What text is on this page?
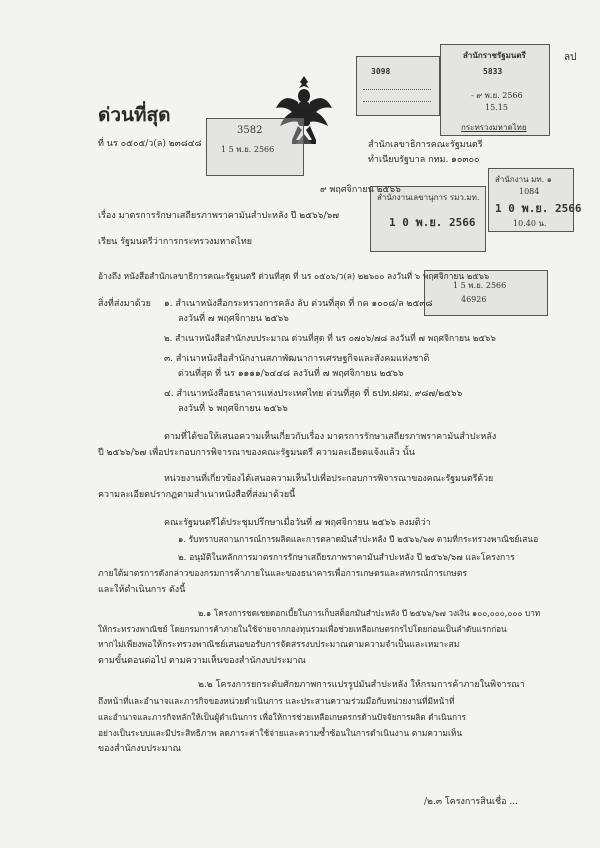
3098
สำนักราชรัฐมนตรี
5833
- ๙ พ.ย. 2566
15.15
กระทรวงมหาดไทย
ลป
3582
1 5 พ.ย. 2566
สำนักงาน มท. ๑
1084
1 0 พ.ย. 2566
10.40 น.
สำนักงานเลขานุการ รมว.มท.
1 0 พ.ย. 2566
1 5 พ.ย. 2566
46926
ด่วนที่สุด
ที่ นร ๐๕๐๕/ว(ล) ๒๓๘๔๘	สำนักเลขาธิการคณะรัฐมนตรี
ทำเนียบรัฐบาล กทม. ๑๐๓๐๐
๙ พฤศจิกายน ๒๕๖๖
เรื่อง มาตรการรักษาเสถียรภาพราคามันสำปะหลัง ปี ๒๕๖๖/๖๗
เรียน รัฐมนตรีว่าการกระทรวงมหาดไทย
อ้างถึง หนังสือสำนักเลขาธิการคณะรัฐมนตรี ด่วนที่สุด ที่ นร ๐๕๐๖/ว(ล) ๒๒๖๐๐ ลงวันที่ ๖ พฤศจิกายน ๒๕๖๖
สิ่งที่ส่งมาด้วย ๑. สำเนาหนังสือกระทรวงการคลัง ลับ ด่วนที่สุด ที่ กค ๑๐๐๘/ล ๒๕๓๘
ลงวันที่ ๗ พฤศจิกายน ๒๕๖๖
๒. สำเนาหนังสือสำนักงบประมาณ ด่วนที่สุด ที่ นร ๐๗๐๖/๗๘ ลงวันที่ ๗ พฤศจิกายน ๒๕๖๖
๓. สำเนาหนังสือสำนักงานสภาพัฒนาการเศรษฐกิจและสังคมแห่งชาติ
ด่วนที่สุด ที่ นร ๑๑๑๑/๖๔๔๘ ลงวันที่ ๗ พฤศจิกายน ๒๕๖๖
๔. สำเนาหนังสือธนาคารแห่งประเทศไทย ด่วนที่สุด ที่ ธปท.ฝศม. ๙๘๗/๒๕๖๖
ลงวันที่ ๖ พฤศจิกายน ๒๕๖๖
ตามที่ได้ขอให้เสนอความเห็นเกี่ยวกับเรื่อง มาตรการรักษาเสถียรภาพราคามันสำปะหลัง
ปี ๒๕๖๖/๖๗ เพื่อประกอบการพิจารณาของคณะรัฐมนตรี ความละเอียดแจ้งแล้ว นั้น
หน่วยงานที่เกี่ยวข้องได้เสนอความเห็นไปเพื่อประกอบการพิจารณาของคณะรัฐมนตรีด้วย
ความละเอียดปรากฏตามสำเนาหนังสือที่ส่งมาด้วยนี้
คณะรัฐมนตรีได้ประชุมปรึกษาเมื่อวันที่ ๗ พฤศจิกายน ๒๕๖๖ ลงมติว่า
๑. รับทราบสถานการณ์การผลิตและการตลาดมันสำปะหลัง ปี ๒๕๖๖/๖๗ ตามที่กระทรวงพาณิชย์เสนอ
๒. อนุมัติในหลักการมาตรการรักษาเสถียรภาพราคามันสำปะหลัง ปี ๒๕๖๖/๖๗ และโครงการ
ภายใต้มาตรการดังกล่าวของกรมการค้าภายในและของธนาคารเพื่อการเกษตรและสหกรณ์การเกษตร
และให้ดำเนินการ ดังนี้
๒.๑ โครงการชดเชยดอกเบี้ยในการเก็บสต็อกมันสำปะหลัง ปี ๒๕๖๖/๖๗ วงเงิน ๑๐๐,๐๐๐,๐๐๐ บาท
ให้กระทรวงพาณิชย์ โดยกรมการค้าภายในใช้จ่ายจากกองทุนรวมเพื่อช่วยเหลือเกษตรกรไปโดยก่อนเป็นลำดับแรกก่อน
หากไม่เพียงพอให้กระทรวงพาณิชย์เสนอขอรับการจัดสรรงบประมาณตามความจำเป็นและเหมาะสม
ตามขั้นตอนต่อไป ตามความเห็นของสำนักงบประมาณ
๒.๒ โครงการยกระดับศักยภาพการแปรรูปมันสำปะหลัง ให้กรมการค้าภายในพิจารณา
ถึงหน้าที่และอำนาจและภารกิจของหน่วยดำเนินการ และประสานความร่วมมือกับหน่วยงานที่มีหน้าที่
และอำนาจและภารกิจหลักให้เป็นผู้ดำเนินการ เพื่อให้การช่วยเหลือเกษตรกรด้านปัจจัยการผลิต ดำเนินการ
อย่างเป็นระบบและมีประสิทธิภาพ ลดภาระค่าใช้จ่ายและความซ้ำซ้อนในการดำเนินงาน ตามความเห็น
ของสำนักงบประมาณ
/๒.๓ โครงการสินเชื่อ ...
